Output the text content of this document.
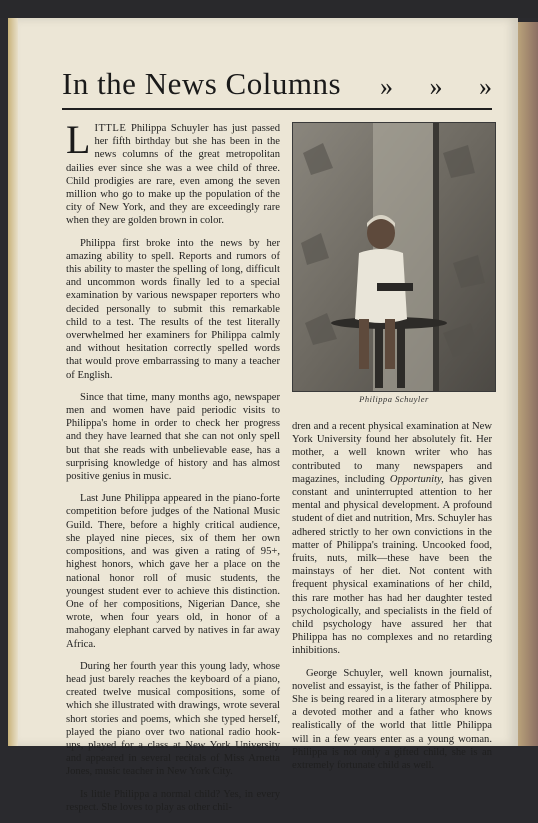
In the News Columns » » »

LITTLE Philippa Schuyler has just passed her fifth birthday but she has been in the news columns of the great metropolitan dailies ever since she was a wee child of three. Child prodigies are rare, even among the seven million who go to make up the population of the city of New York, and they are exceedingly rare when they are golden brown in color.

Philippa first broke into the news by her amazing ability to spell. Reports and rumors of this ability to master the spelling of long, difficult and uncommon words finally led to a special examination by various newspaper reporters who decided personally to submit this remarkable child to a test. The results of the test literally overwhelmed her examiners for Philippa calmly and without hesitation correctly spelled words that would prove embarrassing to many a teacher of English.

Since that time, many months ago, newspaper men and women have paid periodic visits to Philippa's home in order to check her progress and they have learned that she can not only spell but that she reads with unbelievable ease, has a surprising knowledge of history and has almost positive genius in music.

Last June Philippa appeared in the piano-forte competition before judges of the National Music Guild. There, before a highly critical audience, she played nine pieces, six of them her own compositions, and was given a rating of 95+, highest honors, which gave her a place on the national honor roll of music students, the youngest student ever to achieve this distinction. One of her compositions, Nigerian Dance, she wrote, when four years old, in honor of a mahogany elephant carved by natives in far away Africa.

During her fourth year this young lady, whose head just barely reaches the keyboard of a piano, created twelve musical compositions, some of which she illustrated with drawings, wrote several short stories and poems, which she typed herself, played the piano over two national radio hook-ups, played for a class at New York University and appeared in several recitals of Miss Arnetta Jones, music teacher in New York City.

Is little Philippa a normal child? Yes, in every respect. She loves to play as other chil-

Philippa Schuyler

dren and a recent physical examination at New York University found her absolutely fit. Her mother, a well known writer who has contributed to many newspapers and magazines, including Opportunity, has given constant and uninterrupted attention to her mental and physical development. A profound student of diet and nutrition, Mrs. Schuyler has adhered strictly to her own convictions in the matter of Philippa's training. Uncooked food, fruits, nuts, milk—these have been the mainstays of her diet. Not content with frequent physical examinations of her child, this rare mother has had her daughter tested psychologically, and specialists in the field of child psychology have assured her that Philippa has no complexes and no retarding inhibitions.

George Schuyler, well known journalist, novelist and essayist, is the father of Philippa. She is being reared in a literary atmosphere by a devoted mother and a father who knows realistically of the world that little Philippa will in a few years enter as a young woman. Philippa is not only a gifted child, she is an extremely fortunate child as well.
